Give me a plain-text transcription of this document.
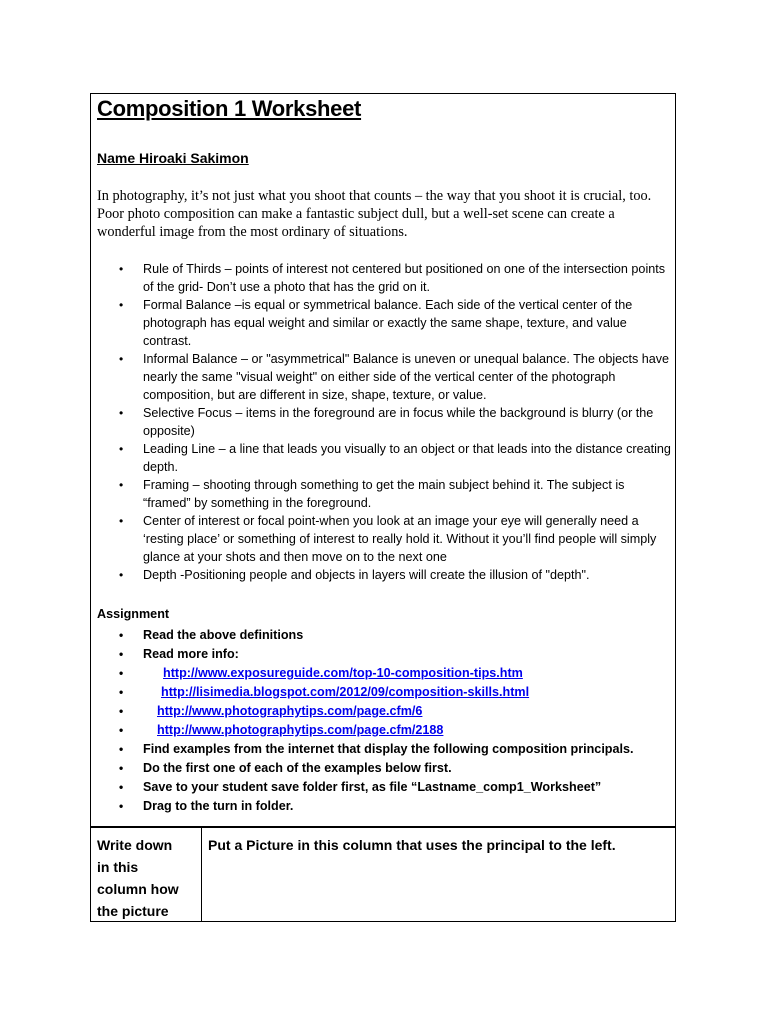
Composition 1 Worksheet
Name Hiroaki Sakimon

In photography, it’s not just what you shoot that counts – the way that you shoot it is crucial, too. Poor photo composition can make a fantastic subject dull, but a well-set scene can create a wonderful image from the most ordinary of situations.

• Rule of Thirds – points of interest not centered but positioned on one of the intersection points of the grid- Don’t use a photo that has the grid on it.
• Formal Balance –is equal or symmetrical balance. Each side of the vertical center of the photograph has equal weight and similar or exactly the same shape, texture, and value contrast.
• Informal Balance – or "asymmetrical" Balance is uneven or unequal balance. The objects have nearly the same "visual weight" on either side of the vertical center of the photograph composition, but are different in size, shape, texture, or value.
• Selective Focus – items in the foreground are in focus while the background is blurry (or the opposite)
• Leading Line – a line that leads you visually to an object or that leads into the distance creating depth.
• Framing – shooting through something to get the main subject behind it. The subject is “framed” by something in the foreground.
• Center of interest or focal point-when you look at an image your eye will generally need a ‘resting place’ or something of interest to really hold it. Without it you’ll find people will simply glance at your shots and then move on to the next one
• Depth -Positioning people and objects in layers will create the illusion of "depth".

Assignment

• Read the above definitions
• Read more info:
• http://www.exposureguide.com/top-10-composition-tips.htm
• http://lisimedia.blogspot.com/2012/09/composition-skills.html
• http://www.photographytips.com/page.cfm/6
• http://www.photographytips.com/page.cfm/2188
• Find examples from the internet that display the following composition principals.
• Do the first one of each of the examples below first.
• Save to your student save folder first, as file “Lastname_comp1_Worksheet”
• Drag to the turn in folder.
Write down
in this
column how
the picture
Put a Picture in this column that uses the principal to the left.
